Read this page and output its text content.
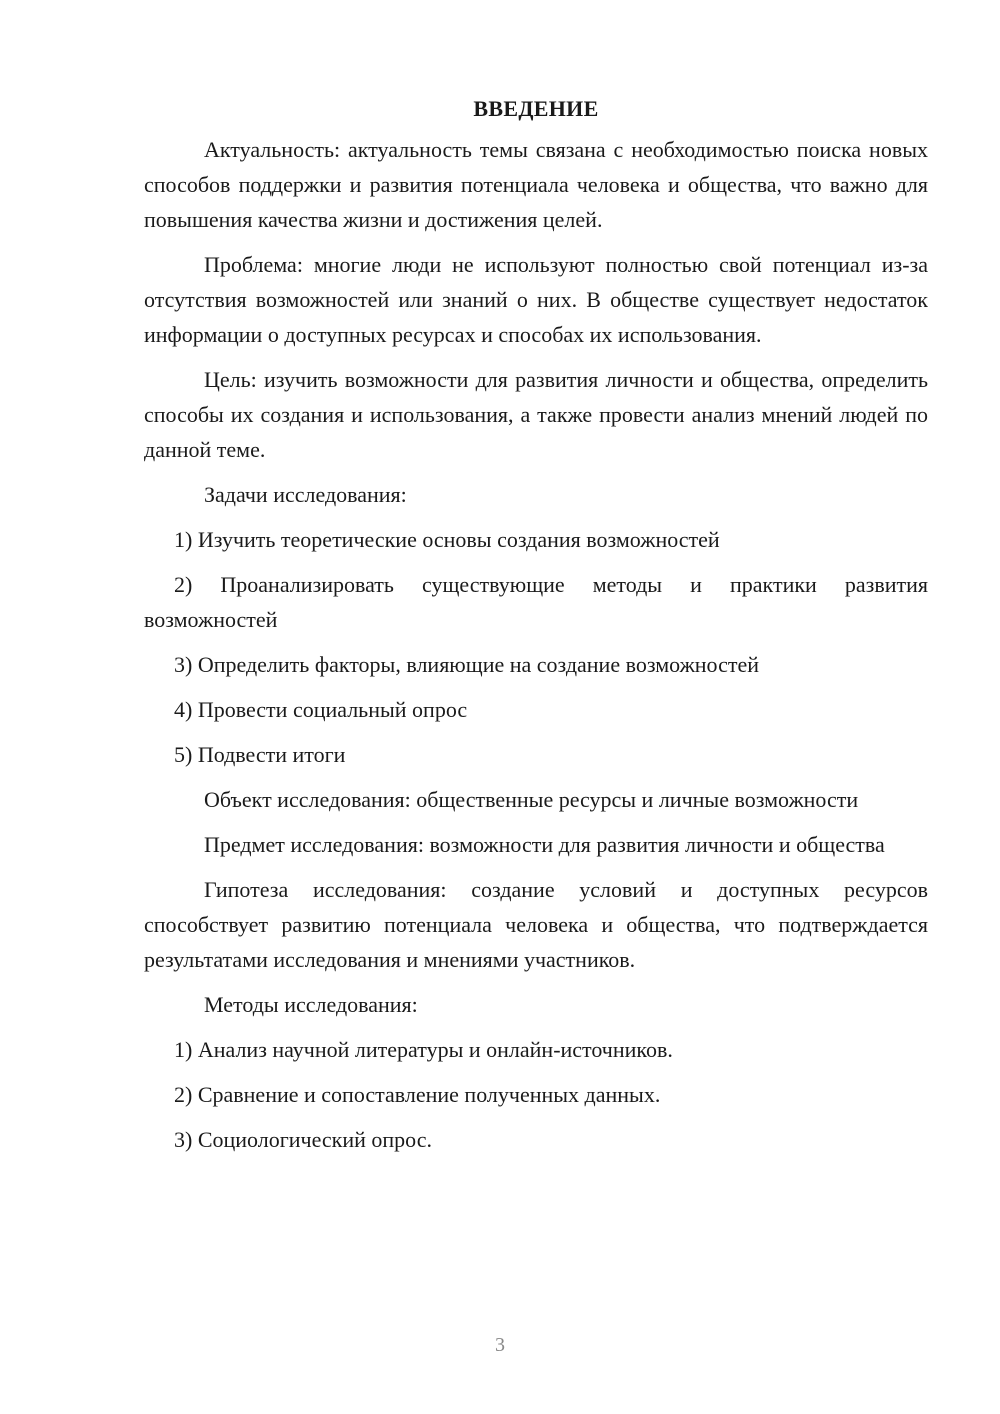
ВВЕДЕНИЕ

Актуальность: актуальность темы связана с необходимостью поиска новых способов поддержки и развития потенциала человека и общества, что важно для повышения качества жизни и достижения целей.

Проблема: многие люди не используют полностью свой потенциал из-за отсутствия возможностей или знаний о них. В обществе существует недостаток информации о доступных ресурсах и способах их использования.

Цель: изучить возможности для развития личности и общества, определить способы их создания и использования, а также провести анализ мнений людей по данной теме.

Задачи исследования:

1) Изучить теоретические основы создания возможностей

2) Проанализировать существующие методы и практики развития возможностей

3) Определить факторы, влияющие на создание возможностей

4) Провести социальный опрос

5) Подвести итоги

Объект исследования: общественные ресурсы и личные возможности

Предмет исследования: возможности для развития личности и общества

Гипотеза исследования: создание условий и доступных ресурсов способствует развитию потенциала человека и общества, что подтверждается результатами исследования и мнениями участников.

Методы исследования:

1) Анализ научной литературы и онлайн-источников.

2) Сравнение и сопоставление полученных данных.

3) Социологический опрос.

3
